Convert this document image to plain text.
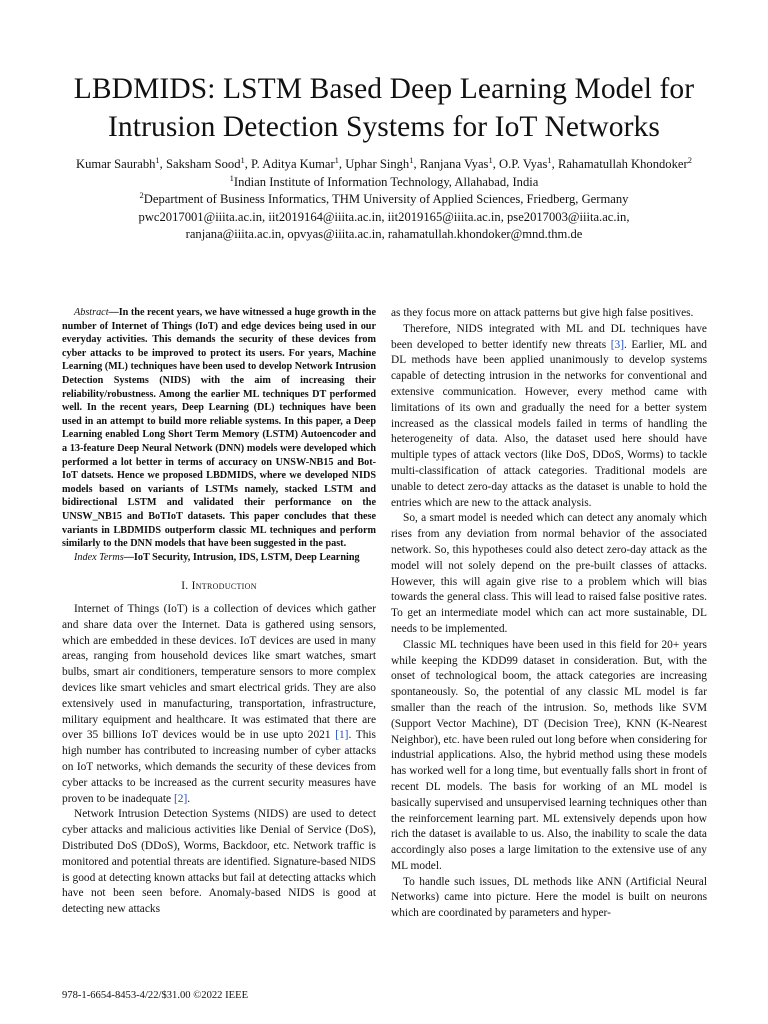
LBDMIDS: LSTM Based Deep Learning Model for Intrusion Detection Systems for IoT Networks
Kumar Saurabh$^1$, Saksham Sood$^1$, P. Aditya Kumar$^1$, Uphar Singh$^1$, Ranjana Vyas$^1$, O.P. Vyas$^1$, Rahamatullah Khondoker$^2$
$^1$Indian Institute of Information Technology, Allahabad, India
$^2$Department of Business Informatics, THM University of Applied Sciences, Friedberg, Germany
pwc2017001@iiita.ac.in, iit2019164@iiita.ac.in, iit2019165@iiita.ac.in, pse2017003@iiita.ac.in,
ranjana@iiita.ac.in, opvyas@iiita.ac.in, rahamatullah.khondoker@mnd.thm.de

Abstract—In the recent years, we have witnessed a huge growth in the number of Internet of Things (IoT) and edge devices being used in our everyday activities. This demands the security of these devices from cyber attacks to be improved to protect its users. For years, Machine Learning (ML) techniques have been used to develop Network Intrusion Detection Systems (NIDS) with the aim of increasing their reliability/robustness. Among the earlier ML techniques DT performed well. In the recent years, Deep Learning (DL) techniques have been used in an attempt to build more reliable systems. In this paper, a Deep Learning enabled Long Short Term Memory (LSTM) Autoencoder and a 13-feature Deep Neural Network (DNN) models were developed which performed a lot better in terms of accuracy on UNSW-NB15 and Bot-IoT datsets. Hence we proposed LBDMIDS, where we developed NIDS models based on variants of LSTMs namely, stacked LSTM and bidirectional LSTM and validated their performance on the UNSW_NB15 and BoTIoT datasets. This paper concludes that these variants in LBDMIDS outperform classic ML techniques and perform similarly to the DNN models that have been suggested in the past.

Index Terms—IoT Security, Intrusion, IDS, LSTM, Deep Learning

I. Introduction

Internet of Things (IoT) is a collection of devices which gather and share data over the Internet. Data is gathered using sensors, which are embedded in these devices. IoT devices are used in many areas, ranging from household devices like smart watches, smart bulbs, smart air conditioners, temperature sensors to more complex devices like smart vehicles and smart electrical grids. They are also extensively used in manufacturing, transportation, infrastructure, military equipment and healthcare. It was estimated that there are over 35 billions IoT devices would be in use upto 2021 [1]. This high number has contributed to increasing number of cyber attacks on IoT networks, which demands the security of these devices from cyber attacks to be increased as the current security measures have proven to be inadequate [2].

Network Intrusion Detection Systems (NIDS) are used to detect cyber attacks and malicious activities like Denial of Service (DoS), Distributed DoS (DDoS), Worms, Backdoor, etc. Network traffic is monitored and potential threats are identified. Signature-based NIDS is good at detecting known attacks but fail at detecting attacks which have not been seen before. Anomaly-based NIDS is good at detecting new attacks

as they focus more on attack patterns but give high false positives.

Therefore, NIDS integrated with ML and DL techniques have been developed to better identify new threats [3]. Earlier, ML and DL methods have been applied unanimously to develop systems capable of detecting intrusion in the networks for conventional and extensive communication. However, every method came with limitations of its own and gradually the need for a better system increased as the classical models failed in terms of handling the heterogeneity of data. Also, the dataset used here should have multiple types of attack vectors (like DoS, DDoS, Worms) to tackle multi-classification of attack categories. Traditional models are unable to detect zero-day attacks as the dataset is unable to hold the entries which are new to the attack analysis.

So, a smart model is needed which can detect any anomaly which rises from any deviation from normal behavior of the associated network. So, this hypotheses could also detect zero-day attack as the model will not solely depend on the pre-built classes of attacks. However, this will again give rise to a problem which will bias towards the general class. This will lead to raised false positive rates. To get an intermediate model which can act more sustainable, DL needs to be implemented.

Classic ML techniques have been used in this field for 20+ years while keeping the KDD99 dataset in consideration. But, with the onset of technological boom, the attack categories are increasing spontaneously. So, the potential of any classic ML model is far smaller than the reach of the intrusion. So, methods like SVM (Support Vector Machine), DT (Decision Tree), KNN (K-Nearest Neighbor), etc. have been ruled out long before when considering for industrial applications. Also, the hybrid method using these models has worked well for a long time, but eventually falls short in front of recent DL models. The basis for working of an ML model is basically supervised and unsupervised learning techniques other than the reinforcement learning part. ML extensively depends upon how rich the dataset is available to us. Also, the inability to scale the data accordingly also poses a large limitation to the extensive use of any ML model.

To handle such issues, DL methods like ANN (Artificial Neural Networks) came into picture. Here the model is built on neurons which are coordinated by parameters and hyper-

978-1-6654-8453-4/22/$31.00 ©2022 IEEE
